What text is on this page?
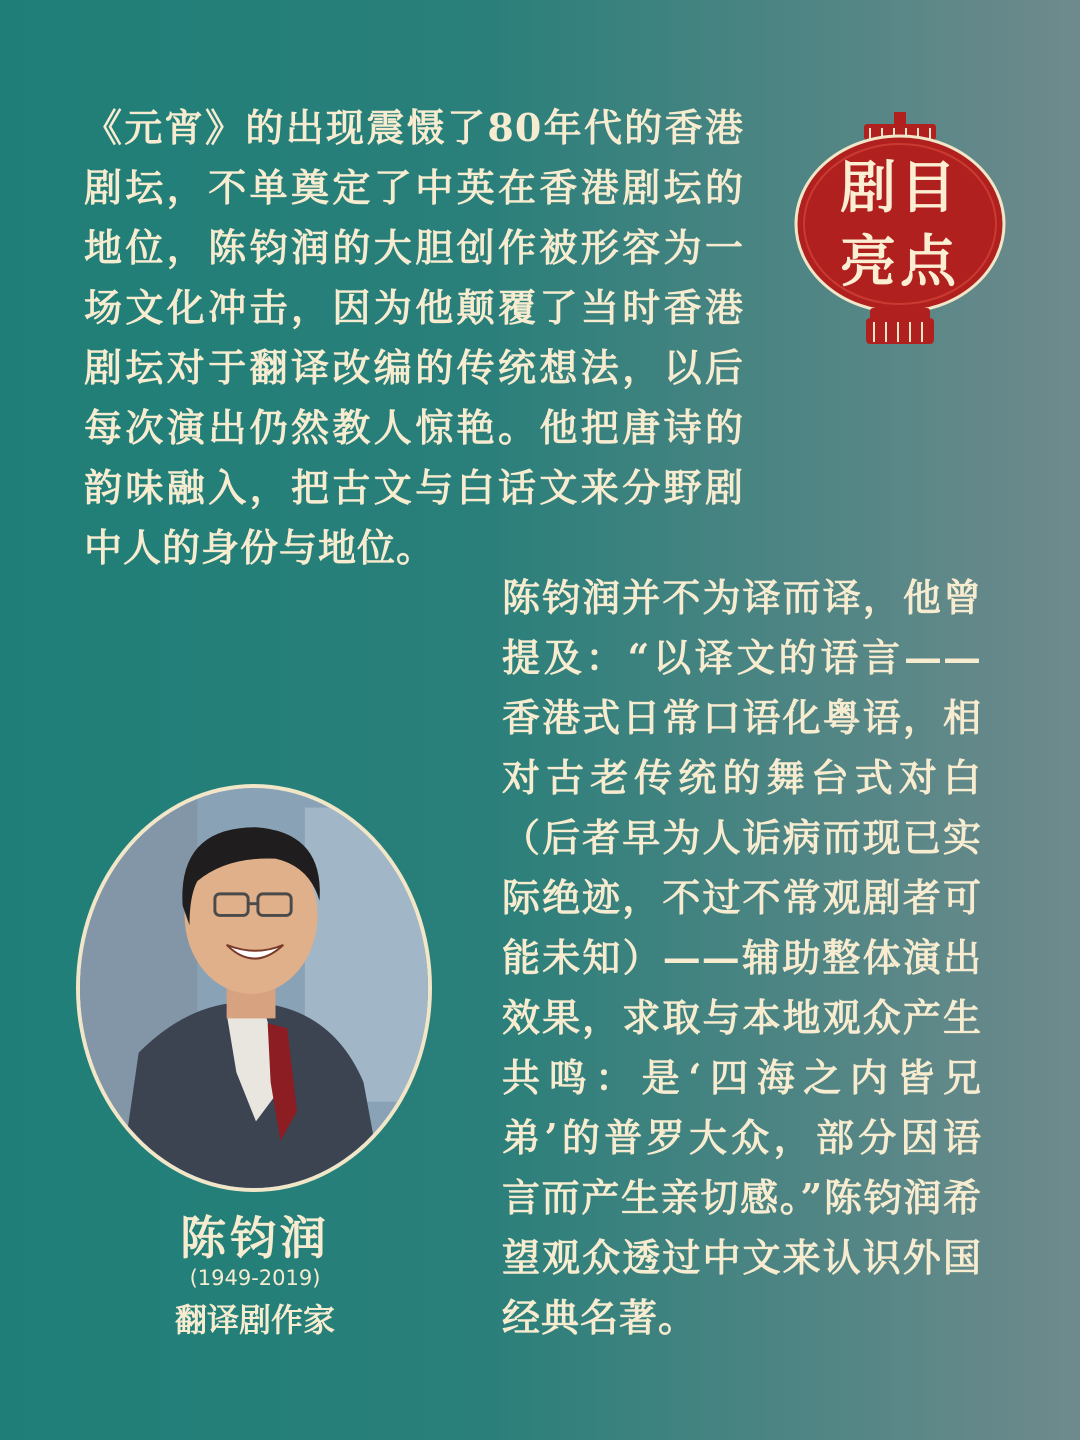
《元宵》的出现震慑了80年代的香港剧坛，不单奠定了中英在香港剧坛的地位，陈钧润的大胆创作被形容为一场文化冲击，因为他颠覆了当时香港剧坛对于翻译改编的传统想法，以后每次演出仍然教人惊艳。他把唐诗的韵味融入，把古文与白话文来分野剧中人的身份与地位。

剧目
亮点

陈钧润并不为译而译，他曾提及：“以译文的语言——香港式日常口语化粤语，相对古老传统的舞台式对白（后者早为人诟病而现已实际绝迹，不过不常观剧者可能未知）——辅助整体演出效果，求取与本地观众产生共鸣：是‘四海之内皆兄弟’的普罗大众，部分因语言而产生亲切感。”陈钧润希望观众透过中文来认识外国经典名著。

陈钧润

(1949-2019)

翻译剧作家
